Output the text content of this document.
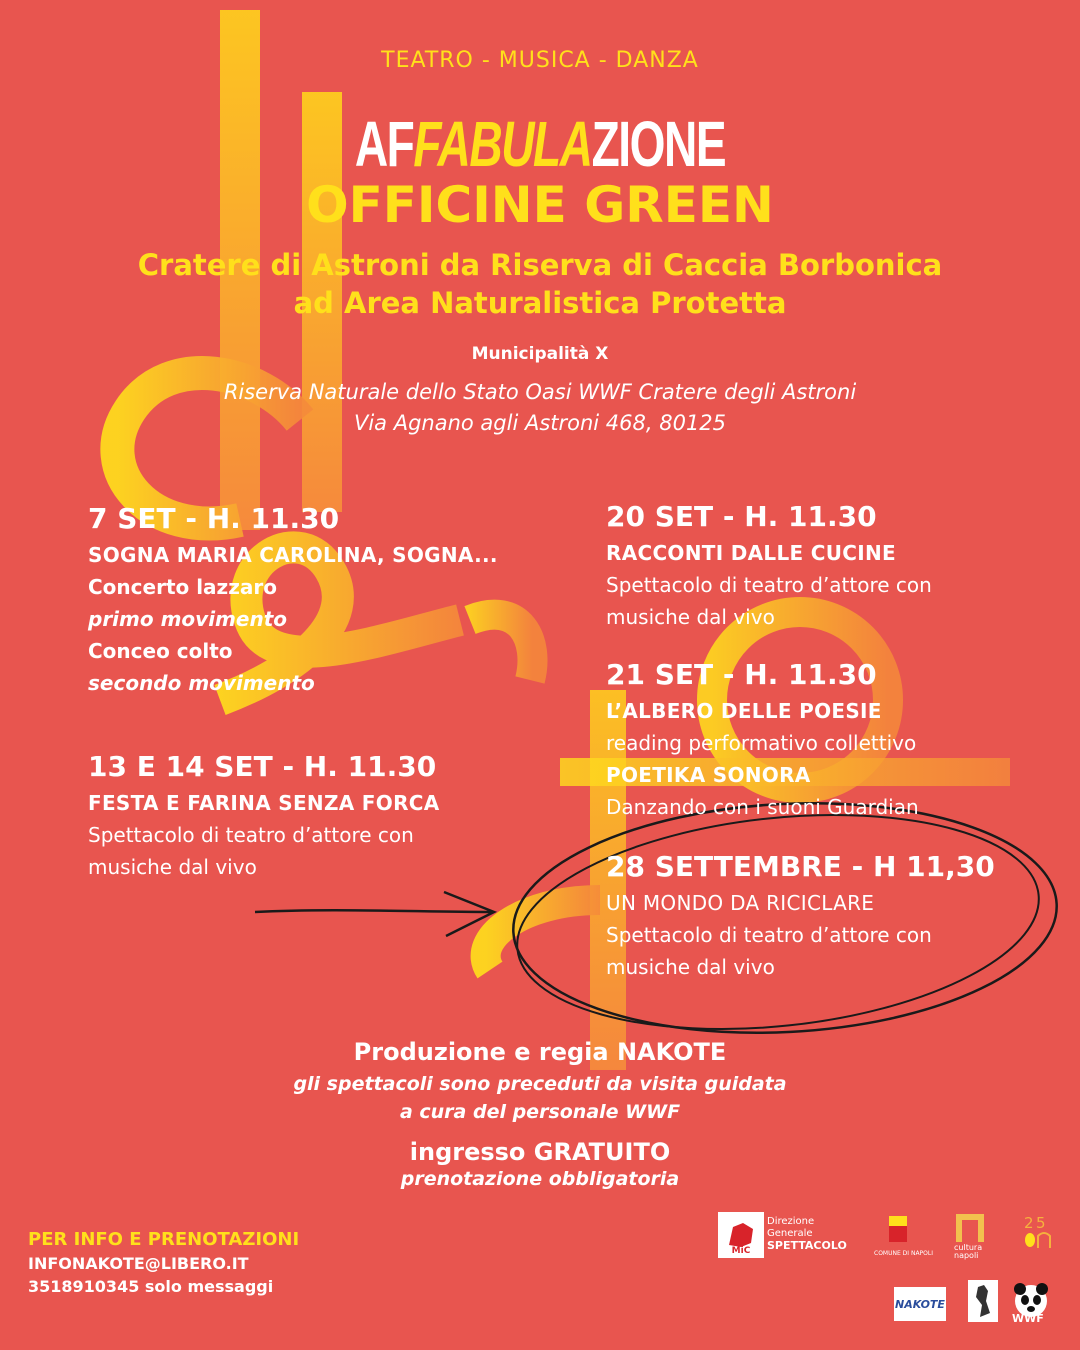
TEATRO - MUSICA - DANZA

AFFABULAZIONE

OFFICINE GREEN

Cratere di Astroni da Riserva di Caccia Borbonica
ad Area Naturalistica Protetta

Municipalità X

Riserva Naturale dello Stato Oasi WWF Cratere degli Astroni
Via Agnano agli Astroni 468, 80125

7 SET - H. 11.30

SOGNA MARIA CAROLINA, SOGNA...
Concerto lazzaro
primo movimento
Conceo colto
secondo movimento

13 E 14 SET - H. 11.30

FESTA E FARINA SENZA FORCA
Spettacolo di teatro d’attore con
musiche dal vivo

20 SET - H. 11.30

RACCONTI DALLE CUCINE
Spettacolo di teatro d’attore con
musiche dal vivo

21 SET - H. 11.30

L’ALBERO DELLE POESIE
reading performativo collettivo
POETIKA SONORA
Danzando con i suoni Guardian

28 SETTEMBRE - H 11,30

UN MONDO DA RICICLARE
Spettacolo di teatro d’attore con
musiche dal vivo

Produzione e regia NAKOTE

gli spettacoli sono preceduti da visita guidata
a cura del personale WWF

ingresso GRATUITO

prenotazione obbligatoria

PER INFO E PRENOTAZIONI

INFONAKOTE@LIBERO.IT

3518910345 solo messaggi

MiC
Direzione
Generale
SPETTACOLO
COMUNE DI NAPOLI
cultura napoli
2 5
NAKOTE
WWF
